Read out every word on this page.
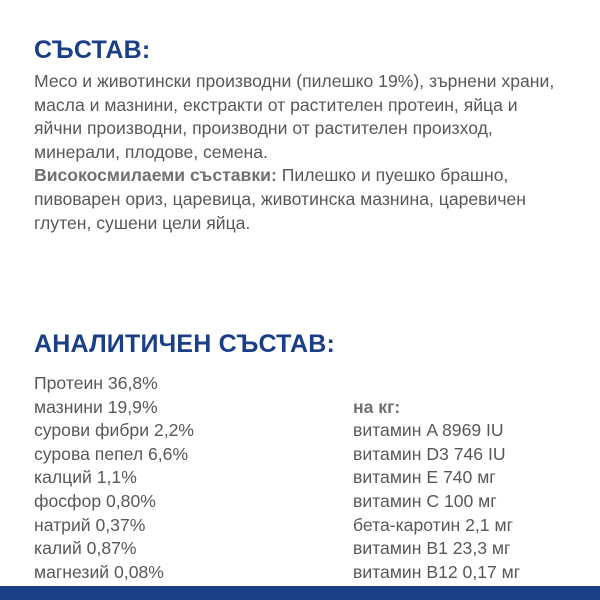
СЪСТАВ:

Месо и животински производни (пилешко 19%), зърнени храни, масла и мазнини, екстракти от растителен протеин, яйца и яйчни производни, производни от растителен произход, минерали, плодове, семена.

Високосмилаеми съставки: Пилешко и пуешко брашно, пивоварен ориз, царевица, животинска мазнина, царевичен глутен, сушени цели яйца.

АНАЛИТИЧЕН СЪСТАВ:
Протеин 36,8%
мазнини 19,9%
сурови фибри 2,2%
сурова пепел 6,6%
калций 1,1%
фосфор 0,80%
натрий 0,37%
калий 0,87%
магнезий 0,08%
на кг:
витамин A 8969 IU
витамин D3 746 IU
витамин E 740 мг
витамин C 100 мг
бета-каротин 2,1 мг
витамин B1 23,3 мг
витамин B12 0,17 мг
